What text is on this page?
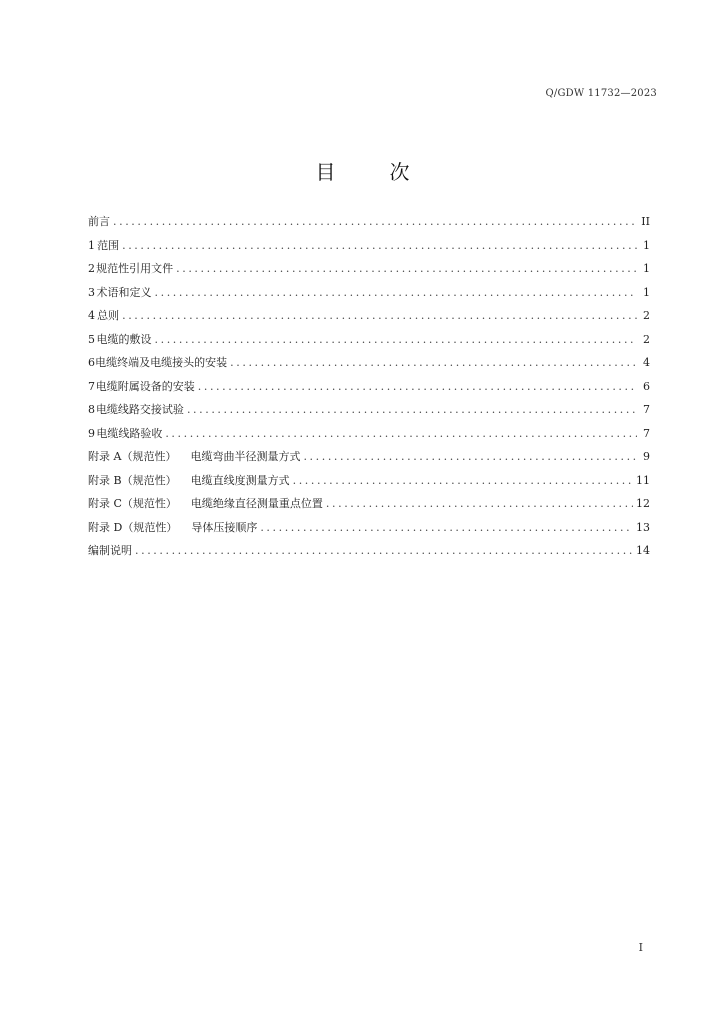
Q/GDW 11732—2023
目	次
前言 .....	II
1 范围 .....	1
2 规范性引用文件 .....	1
3 术语和定义 .....	1
4 总则 .....	2
5 电缆的敷设 .....	2
6 电缆终端及电缆接头的安装 .....	4
7 电缆附属设备的安装 .....	6
8 电缆线路交接试验 .....	7
9 电缆线路验收 .....	7
附录 A（规范性） 电缆弯曲半径测量方式 .....	9
附录 B（规范性） 电缆直线度测量方式 .....	11
附录 C（规范性） 电缆绝缘直径测量重点位置 .....	12
附录 D（规范性） 导体压接顺序 .....	13
编制说明 .....	14
I
